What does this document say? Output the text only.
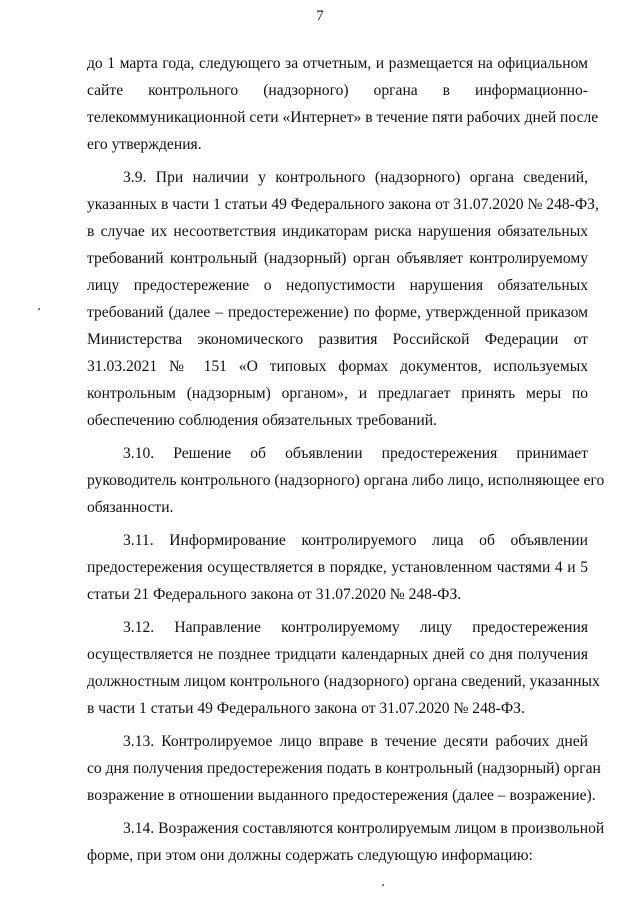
7

до 1 марта года, следующего за отчетным, и размещается на официальном
сайте контрольного (надзорного) органа в информационно-
телекоммуникационной сети «Интернет» в течение пяти рабочих дней после
его утверждения.

3.9. При наличии у контрольного (надзорного) органа сведений,
указанных в части 1 статьи 49 Федерального закона от 31.07.2020 № 248-ФЗ,
в случае их несоответствия индикаторам риска нарушения обязательных
требований контрольный (надзорный) орган объявляет контролируемому
лицу предостережение о недопустимости нарушения обязательных
требований (далее – предостережение) по форме, утвержденной приказом
Министерства экономического развития Российской Федерации от
31.03.2021 № 151 «О типовых формах документов, используемых
контрольным (надзорным) органом», и предлагает принять меры по
обеспечению соблюдения обязательных требований.

3.10. Решение об объявлении предостережения принимает
руководитель контрольного (надзорного) органа либо лицо, исполняющее его
обязанности.

3.11. Информирование контролируемого лица об объявлении
предостережения осуществляется в порядке, установленном частями 4 и 5
статьи 21 Федерального закона от 31.07.2020 № 248-ФЗ.

3.12. Направление контролируемому лицу предостережения
осуществляется не позднее тридцати календарных дней со дня получения
должностным лицом контрольного (надзорного) органа сведений, указанных
в части 1 статьи 49 Федерального закона от 31.07.2020 № 248-ФЗ.

3.13. Контролируемое лицо вправе в течение десяти рабочих дней
со дня получения предостережения подать в контрольный (надзорный) орган
возражение в отношении выданного предостережения (далее – возражение).

3.14. Возражения составляются контролируемым лицом в произвольной
форме, при этом они должны содержать следующую информацию:
